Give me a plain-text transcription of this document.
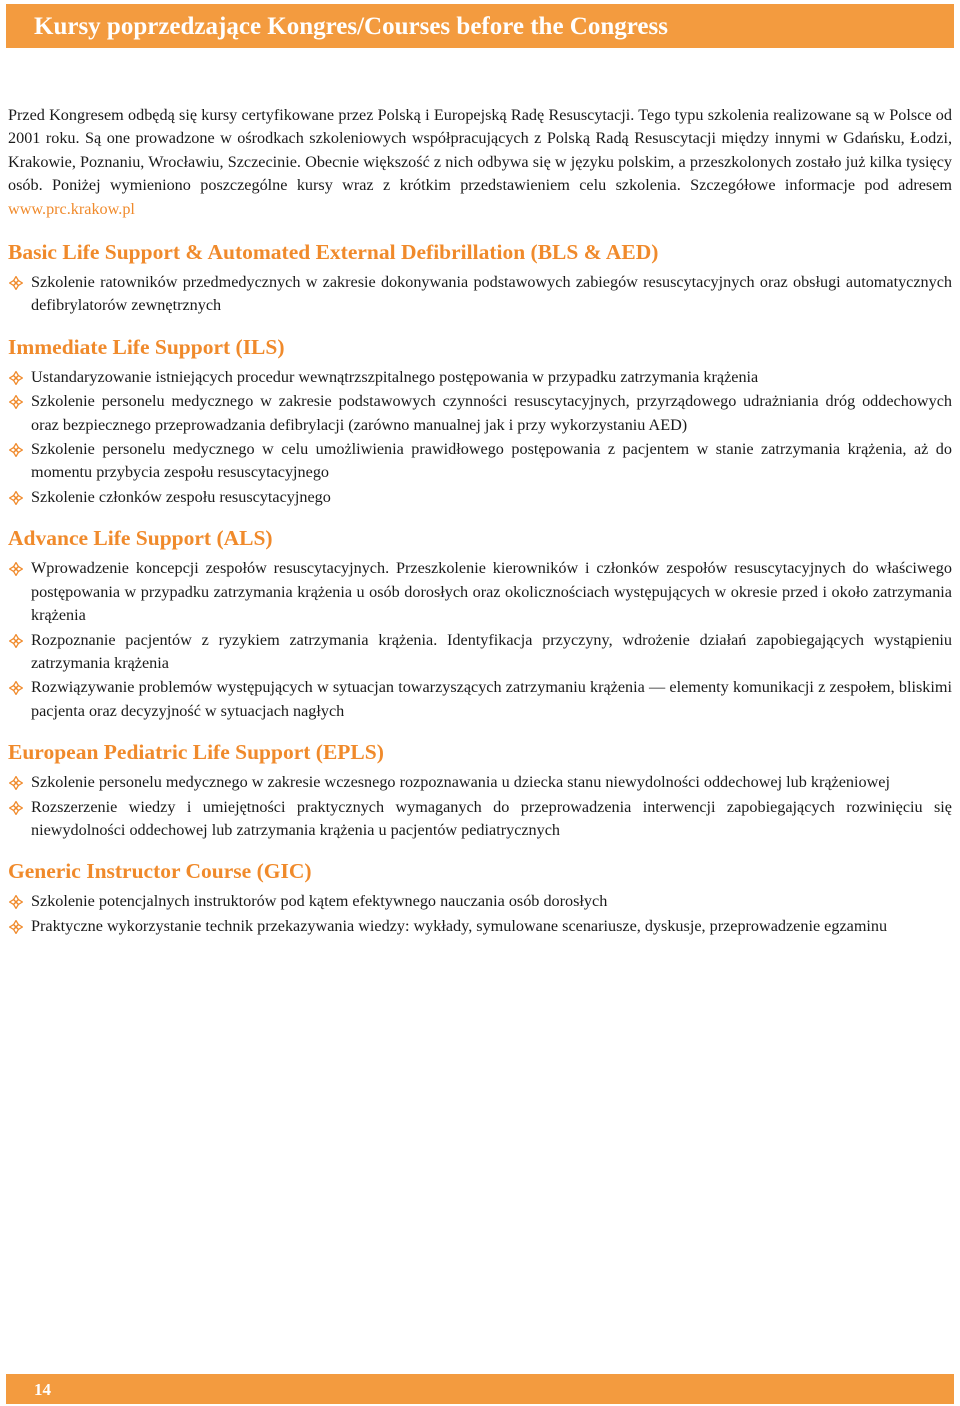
Kursy poprzedzające Kongres/Courses before the Congress

Przed Kongresem odbędą się kursy certyfikowane przez Polską i Europejską Radę Resuscytacji. Tego typu szkolenia realizowane są w Polsce od 2001 roku. Są one prowadzone w ośrodkach szkoleniowych współpracujących z Polską Radą Resuscytacji między innymi w Gdańsku, Łodzi, Krakowie, Poznaniu, Wrocławiu, Szczecinie. Obecnie większość z nich odbywa się w języku polskim, a przeszkolonych zostało już kilka tysięcy osób. Poniżej wymieniono poszczególne kursy wraz z krótkim przedstawieniem celu szkolenia. Szczegółowe informacje pod adresem www.prc.krakow.pl

Basic Life Support & Automated External Defibrillation (BLS & AED)
Szkolenie ratowników przedmedycznych w zakresie dokonywania podstawowych zabiegów resuscytacyjnych oraz obsługi automatycznych defibrylatorów zewnętrznych
Immediate Life Support (ILS)
Ustandaryzowanie istniejących procedur wewnątrzszpitalnego postępowania w przypadku zatrzymania krążenia
Szkolenie personelu medycznego w zakresie podstawowych czynności resuscytacyjnych, przyrządowego udrażniania dróg oddechowych oraz bezpiecznego przeprowadzania defibrylacji (zarówno manualnej jak i przy wykorzystaniu AED)
Szkolenie personelu medycznego w celu umożliwienia prawidłowego postępowania z pacjentem w stanie zatrzymania krążenia, aż do momentu przybycia zespołu resuscytacyjnego
Szkolenie członków zespołu resuscytacyjnego
Advance Life Support (ALS)
Wprowadzenie koncepcji zespołów resuscytacyjnych. Przeszkolenie kierowników i członków zespołów resuscytacyjnych do właściwego postępowania w przypadku zatrzymania krążenia u osób dorosłych oraz okolicznościach występujących w okresie przed i około zatrzymania krążenia
Rozpoznanie pacjentów z ryzykiem zatrzymania krążenia. Identyfikacja przyczyny, wdrożenie działań zapobiegających wystąpieniu zatrzymania krążenia
Rozwiązywanie problemów występujących w sytuacjan towarzyszących zatrzymaniu krążenia — elementy komunikacji z zespołem, bliskimi pacjenta oraz decyzyjność w sytuacjach nagłych
European Pediatric Life Support (EPLS)
Szkolenie personelu medycznego w zakresie wczesnego rozpoznawania u dziecka stanu niewydolności oddechowej lub krążeniowej
Rozszerzenie wiedzy i umiejętności praktycznych wymaganych do przeprowadzenia interwencji zapobiegających rozwinięciu się niewydolności oddechowej lub zatrzymania krążenia u pacjentów pediatrycznych
Generic Instructor Course (GIC)
Szkolenie potencjalnych instruktorów pod kątem efektywnego nauczania osób dorosłych
Praktyczne wykorzystanie technik przekazywania wiedzy: wykłady, symulowane scenariusze, dyskusje, przeprowadzenie egzaminu
14
